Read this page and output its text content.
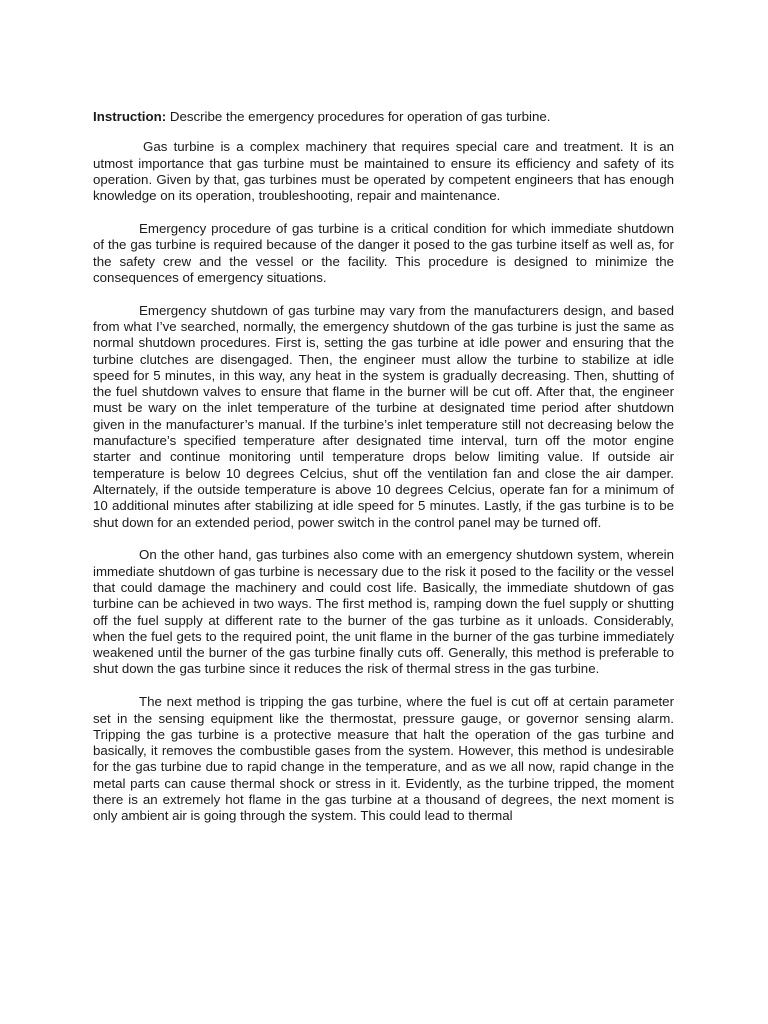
Instruction: Describe the emergency procedures for operation of gas turbine.

Gas turbine is a complex machinery that requires special care and treatment. It is an utmost importance that gas turbine must be maintained to ensure its efficiency and safety of its operation. Given by that, gas turbines must be operated by competent engineers that has enough knowledge on its operation, troubleshooting, repair and maintenance.

Emergency procedure of gas turbine is a critical condition for which immediate shutdown of the gas turbine is required because of the danger it posed to the gas turbine itself as well as, for the safety crew and the vessel or the facility. This procedure is designed to minimize the consequences of emergency situations.

Emergency shutdown of gas turbine may vary from the manufacturers design, and based from what I’ve searched, normally, the emergency shutdown of the gas turbine is just the same as normal shutdown procedures. First is, setting the gas turbine at idle power and ensuring that the turbine clutches are disengaged. Then, the engineer must allow the turbine to stabilize at idle speed for 5 minutes, in this way, any heat in the system is gradually decreasing. Then, shutting of the fuel shutdown valves to ensure that flame in the burner will be cut off. After that, the engineer must be wary on the inlet temperature of the turbine at designated time period after shutdown given in the manufacturer’s manual. If the turbine’s inlet temperature still not decreasing below the manufacture’s specified temperature after designated time interval, turn off the motor engine starter and continue monitoring until temperature drops below limiting value. If outside air temperature is below 10 degrees Celcius, shut off the ventilation fan and close the air damper. Alternately, if the outside temperature is above 10 degrees Celcius, operate fan for a minimum of 10 additional minutes after stabilizing at idle speed for 5 minutes. Lastly, if the gas turbine is to be shut down for an extended period, power switch in the control panel may be turned off.

On the other hand, gas turbines also come with an emergency shutdown system, wherein immediate shutdown of gas turbine is necessary due to the risk it posed to the facility or the vessel that could damage the machinery and could cost life. Basically, the immediate shutdown of gas turbine can be achieved in two ways. The first method is, ramping down the fuel supply or shutting off the fuel supply at different rate to the burner of the gas turbine as it unloads. Considerably, when the fuel gets to the required point, the unit flame in the burner of the gas turbine immediately weakened until the burner of the gas turbine finally cuts off. Generally, this method is preferable to shut down the gas turbine since it reduces the risk of thermal stress in the gas turbine.

The next method is tripping the gas turbine, where the fuel is cut off at certain parameter set in the sensing equipment like the thermostat, pressure gauge, or governor sensing alarm. Tripping the gas turbine is a protective measure that halt the operation of the gas turbine and basically, it removes the combustible gases from the system. However, this method is undesirable for the gas turbine due to rapid change in the temperature, and as we all now, rapid change in the metal parts can cause thermal shock or stress in it. Evidently, as the turbine tripped, the moment there is an extremely hot flame in the gas turbine at a thousand of degrees, the next moment is only ambient air is going through the system. This could lead to thermal
